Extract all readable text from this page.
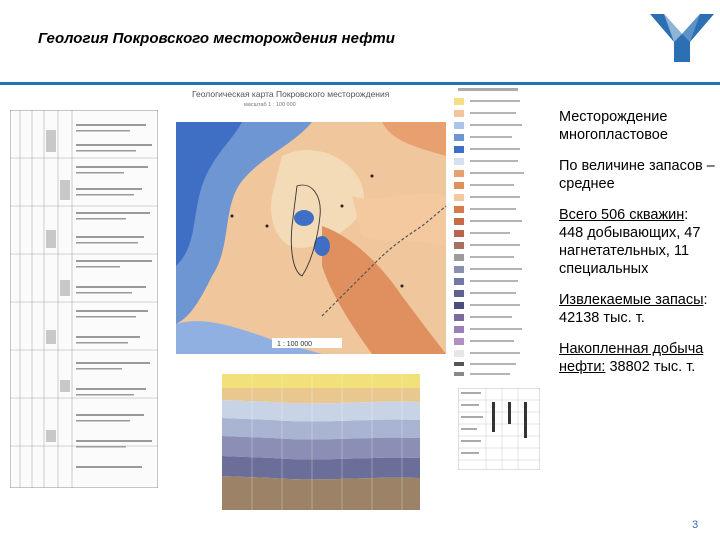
Геология Покровского месторождения нефти
Геологическая карта Покровского месторождения
масштаб 1 : 100 000
1 : 100 000
Месторождение многопластовое
По величине запасов – среднее
Всего 506 скважин: 448 добывающих, 47 нагнетательных, 11 специальных
Извлекаемые запасы: 42138 тыс. т.
Накопленная добыча нефти: 38802 тыс. т.
3
